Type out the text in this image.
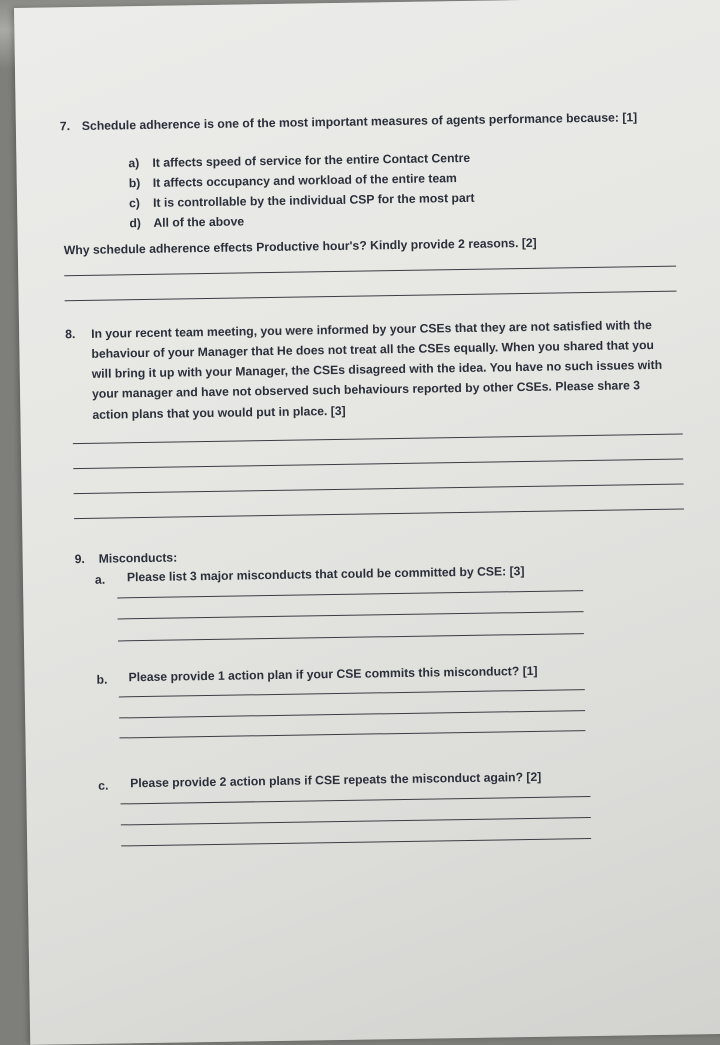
7. Schedule adherence is one of the most important measures of agents performance because: [1]
a) It affects speed of service for the entire Contact Centre
b) It affects occupancy and workload of the entire team
c) It is controllable by the individual CSP for the most part
d) All of the above
Why schedule adherence effects Productive hour's? Kindly provide 2 reasons. [2]
8. In your recent team meeting, you were informed by your CSEs that they are not satisfied with the
behaviour of your Manager that He does not treat all the CSEs equally. When you shared that you
will bring it up with your Manager, the CSEs disagreed with the idea. You have no such issues with
your manager and have not observed such behaviours reported by other CSEs. Please share 3
action plans that you would put in place. [3]
9. Misconducts:
a. Please list 3 major misconducts that could be committed by CSE: [3]
b. Please provide 1 action plan if your CSE commits this misconduct? [1]
c. Please provide 2 action plans if CSE repeats the misconduct again? [2]
